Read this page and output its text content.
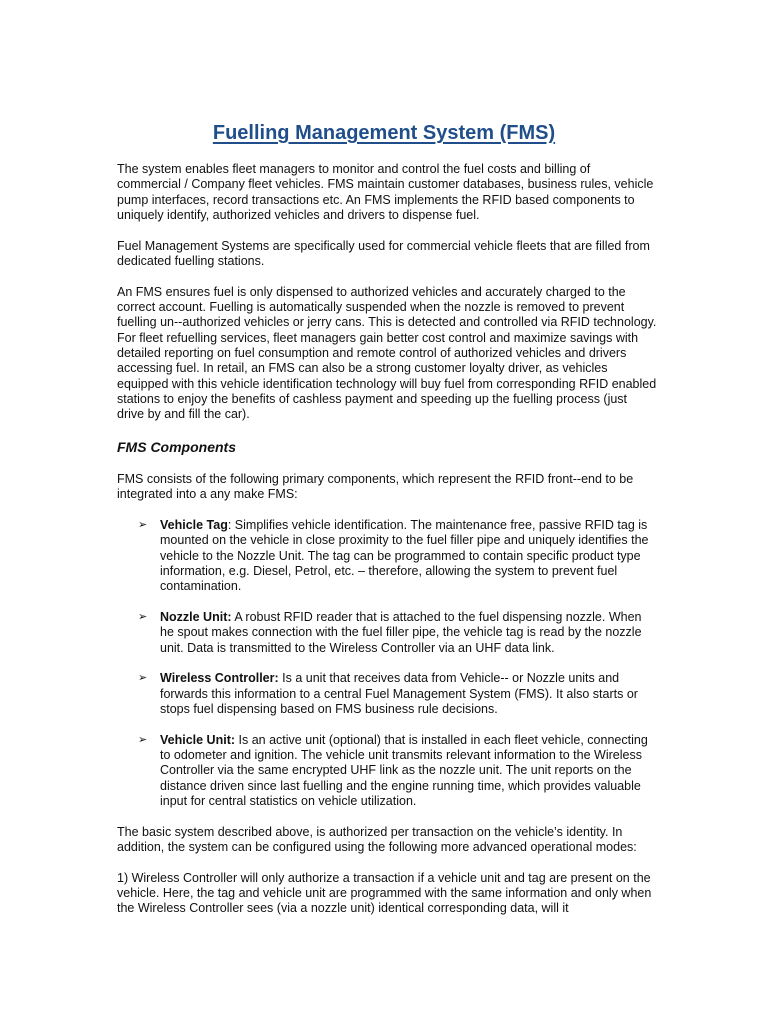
Fuelling Management System (FMS)

The system enables fleet managers to monitor and control the fuel costs and billing of commercial / Company fleet vehicles. FMS maintain customer databases, business rules, vehicle pump interfaces, record transactions etc. An FMS implements the RFID based components to uniquely identify, authorized vehicles and drivers to dispense fuel.

Fuel Management Systems are specifically used for commercial vehicle fleets that are filled from dedicated fuelling stations.

An FMS ensures fuel is only dispensed to authorized vehicles and accurately charged to the correct account. Fuelling is automatically suspended when the nozzle is removed to prevent fuelling un--authorized vehicles or jerry cans. This is detected and controlled via RFID technology. For fleet refuelling services, fleet managers gain better cost control and maximize savings with detailed reporting on fuel consumption and remote control of authorized vehicles and drivers accessing fuel. In retail, an FMS can also be a strong customer loyalty driver, as vehicles equipped with this vehicle identification technology will buy fuel from corresponding RFID enabled stations to enjoy the benefits of cashless payment and speeding up the fuelling process (just drive by and fill the car).

FMS Components

FMS consists of the following primary components, which represent the RFID front--end to be integrated into a any make FMS:

➢ Vehicle Tag: Simplifies vehicle identification. The maintenance free, passive RFID tag is mounted on the vehicle in close proximity to the fuel filler pipe and uniquely identifies the vehicle to the Nozzle Unit. The tag can be programmed to contain specific product type information, e.g. Diesel, Petrol, etc. – therefore, allowing the system to prevent fuel contamination.
➢ Nozzle Unit: A robust RFID reader that is attached to the fuel dispensing nozzle. When he spout makes connection with the fuel filler pipe, the vehicle tag is read by the nozzle unit. Data is transmitted to the Wireless Controller via an UHF data link.
➢ Wireless Controller: Is a unit that receives data from Vehicle-- or Nozzle units and forwards this information to a central Fuel Management System (FMS). It also starts or stops fuel dispensing based on FMS business rule decisions.
➢ Vehicle Unit: Is an active unit (optional) that is installed in each fleet vehicle, connecting to odometer and ignition. The vehicle unit transmits relevant information to the Wireless Controller via the same encrypted UHF link as the nozzle unit. The unit reports on the distance driven since last fuelling and the engine running time, which provides valuable input for central statistics on vehicle utilization.

The basic system described above, is authorized per transaction on the vehicle’s identity. In addition, the system can be configured using the following more advanced operational modes:

1) Wireless Controller will only authorize a transaction if a vehicle unit and tag are present on the vehicle. Here, the tag and vehicle unit are programmed with the same information and only when the Wireless Controller sees (via a nozzle unit) identical corresponding data, will it
